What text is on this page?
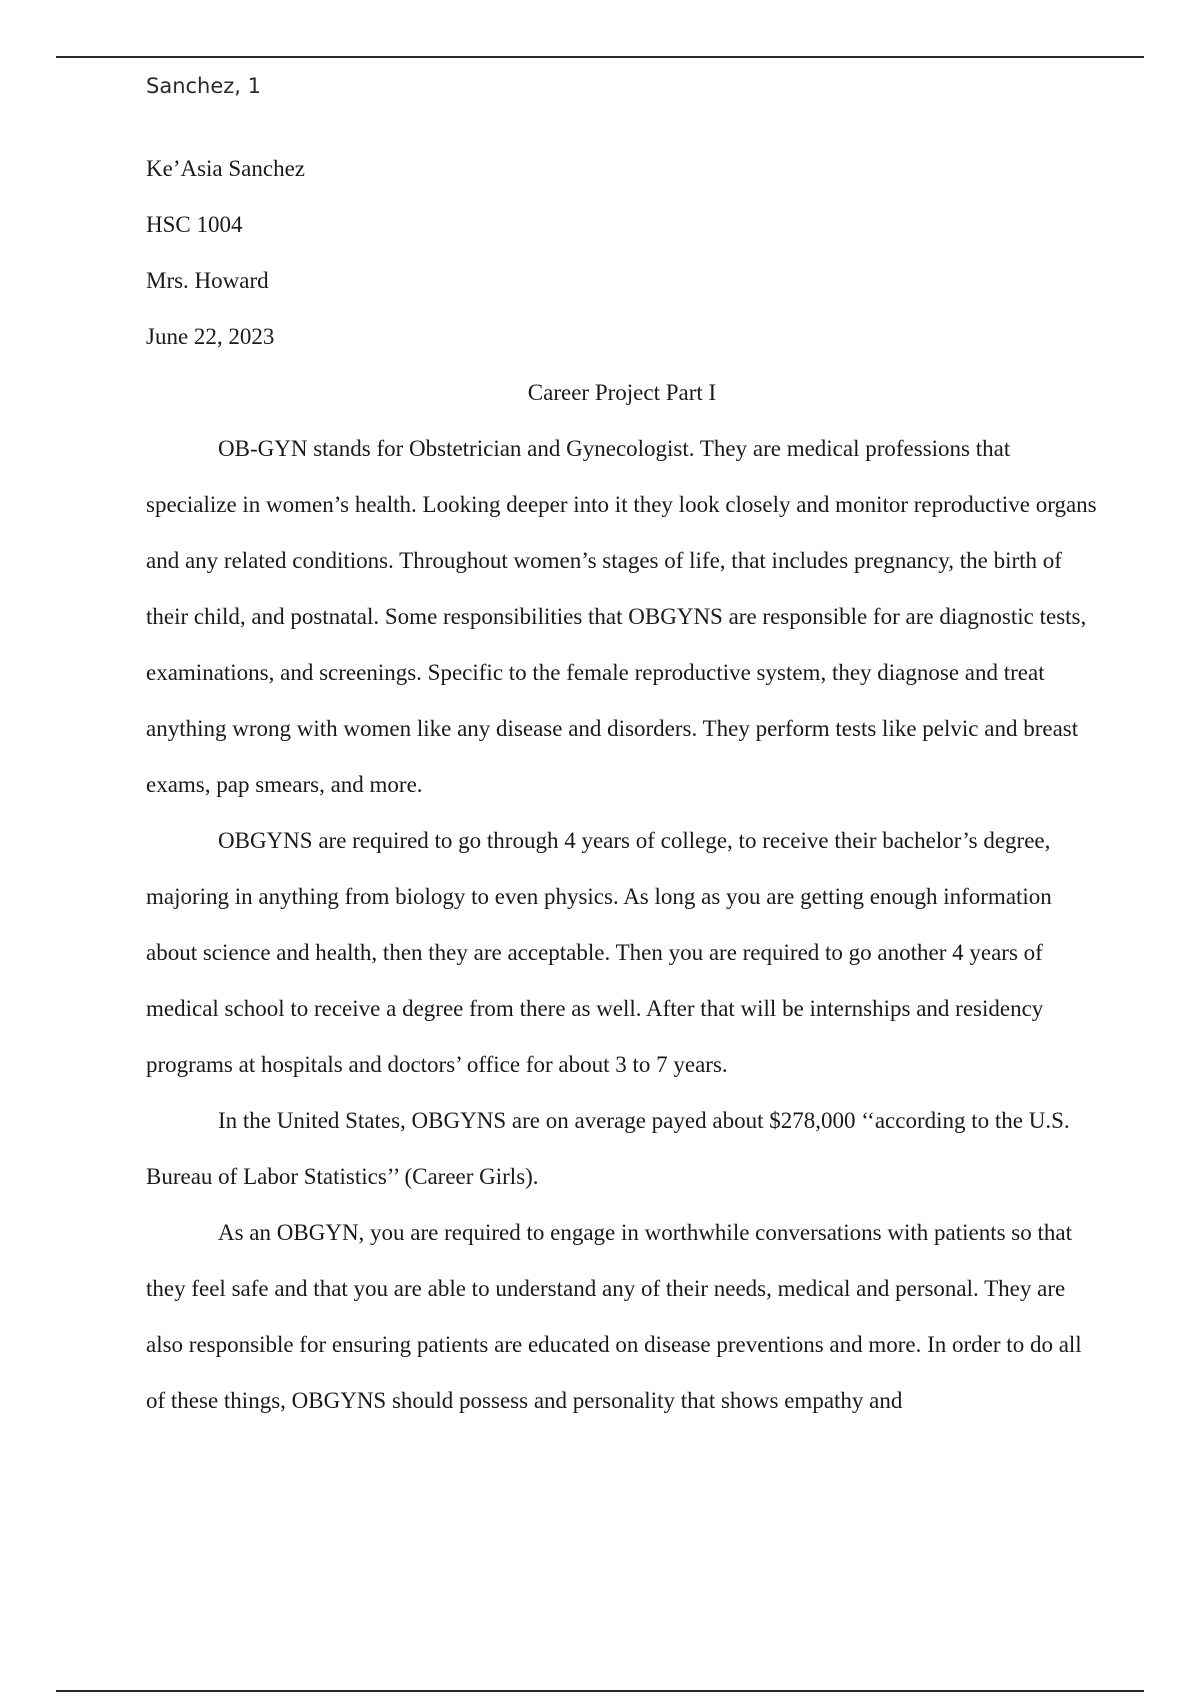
Sanchez, 1

Ke’Asia Sanchez

HSC 1004

Mrs. Howard

June 22, 2023

Career Project Part I

OB-GYN stands for Obstetrician and Gynecologist. They are medical professions that specialize in women’s health. Looking deeper into it they look closely and monitor reproductive organs and any related conditions. Throughout women’s stages of life, that includes pregnancy, the birth of their child, and postnatal. Some responsibilities that OBGYNS are responsible for are diagnostic tests, examinations, and screenings. Specific to the female reproductive system, they diagnose and treat anything wrong with women like any disease and disorders. They perform tests like pelvic and breast exams, pap smears, and more.

OBGYNS are required to go through 4 years of college, to receive their bachelor’s degree, majoring in anything from biology to even physics. As long as you are getting enough information about science and health, then they are acceptable. Then you are required to go another 4 years of medical school to receive a degree from there as well. After that will be internships and residency programs at hospitals and doctors’ office for about 3 to 7 years.

In the United States, OBGYNS are on average payed about $278,000 ‘‘according to the U.S. Bureau of Labor Statistics’’ (Career Girls).

As an OBGYN, you are required to engage in worthwhile conversations with patients so that they feel safe and that you are able to understand any of their needs, medical and personal. They are also responsible for ensuring patients are educated on disease preventions and more. In order to do all of these things, OBGYNS should possess and personality that shows empathy and
